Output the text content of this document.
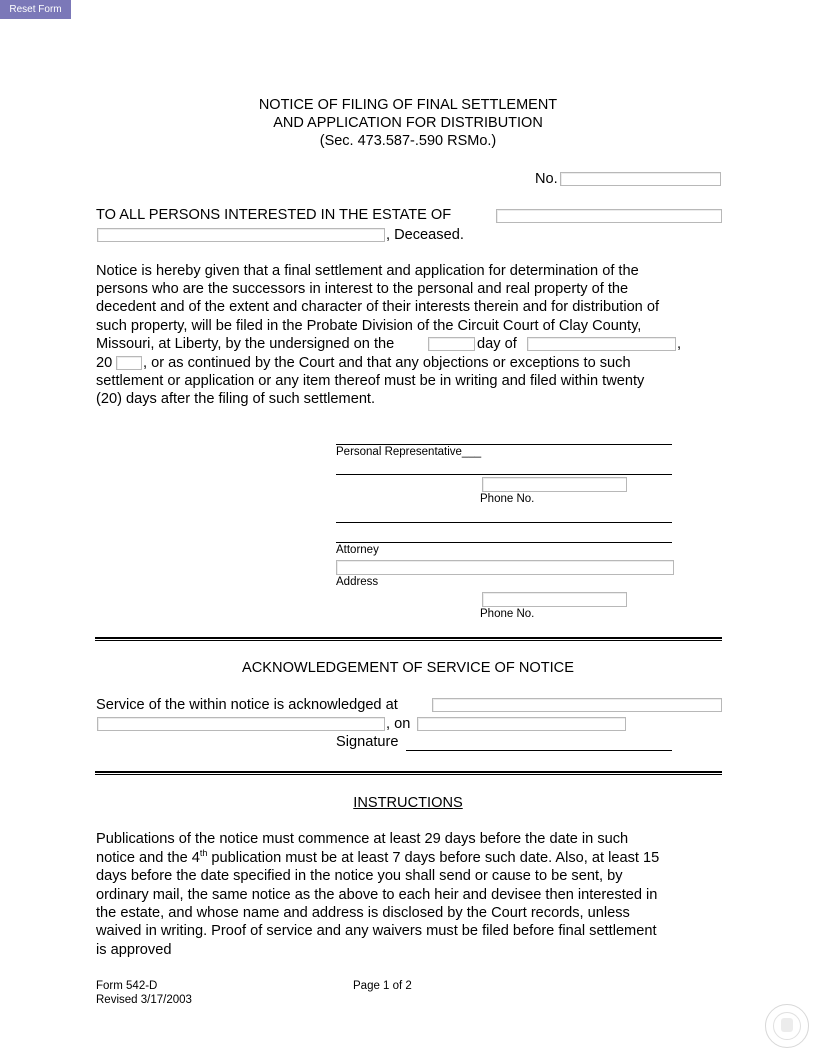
Reset Form
NOTICE OF FILING OF FINAL SETTLEMENT
AND APPLICATION FOR DISTRIBUTION
(Sec. 473.587-.590 RSMo.)
No.
TO ALL PERSONS INTERESTED IN THE ESTATE OF
, Deceased.
Notice is hereby given that a final settlement and application for determination of the
persons who are the successors in interest to the personal and real property of the
decedent and of the extent and character of their interests therein and for distribution of
such property, will be filed in the Probate Division of the Circuit Court of Clay County,
Missouri, at Liberty, by the undersigned on the	day of	,
20 , or as continued by the Court and that any objections or exceptions to such
settlement or application or any item thereof must be in writing and filed within twenty
(20) days after the filing of such settlement.
Personal Representative___
Phone No.
Attorney
Address
Phone No.
ACKNOWLEDGEMENT OF SERVICE OF NOTICE
Service of the within notice is acknowledged at
, on
Signature
INSTRUCTIONS
Publications of the notice must commence at least 29 days before the date in such
notice and the 4th publication must be at least 7 days before such date. Also, at least 15
days before the date specified in the notice you shall send or cause to be sent, by
ordinary mail, the same notice as the above to each heir and devisee then interested in
the estate, and whose name and address is disclosed by the Court records, unless
waived in writing. Proof of service and any waivers must be filed before final settlement
is approved
Form 542-D
Revised 3/17/2003
Page 1 of 2
